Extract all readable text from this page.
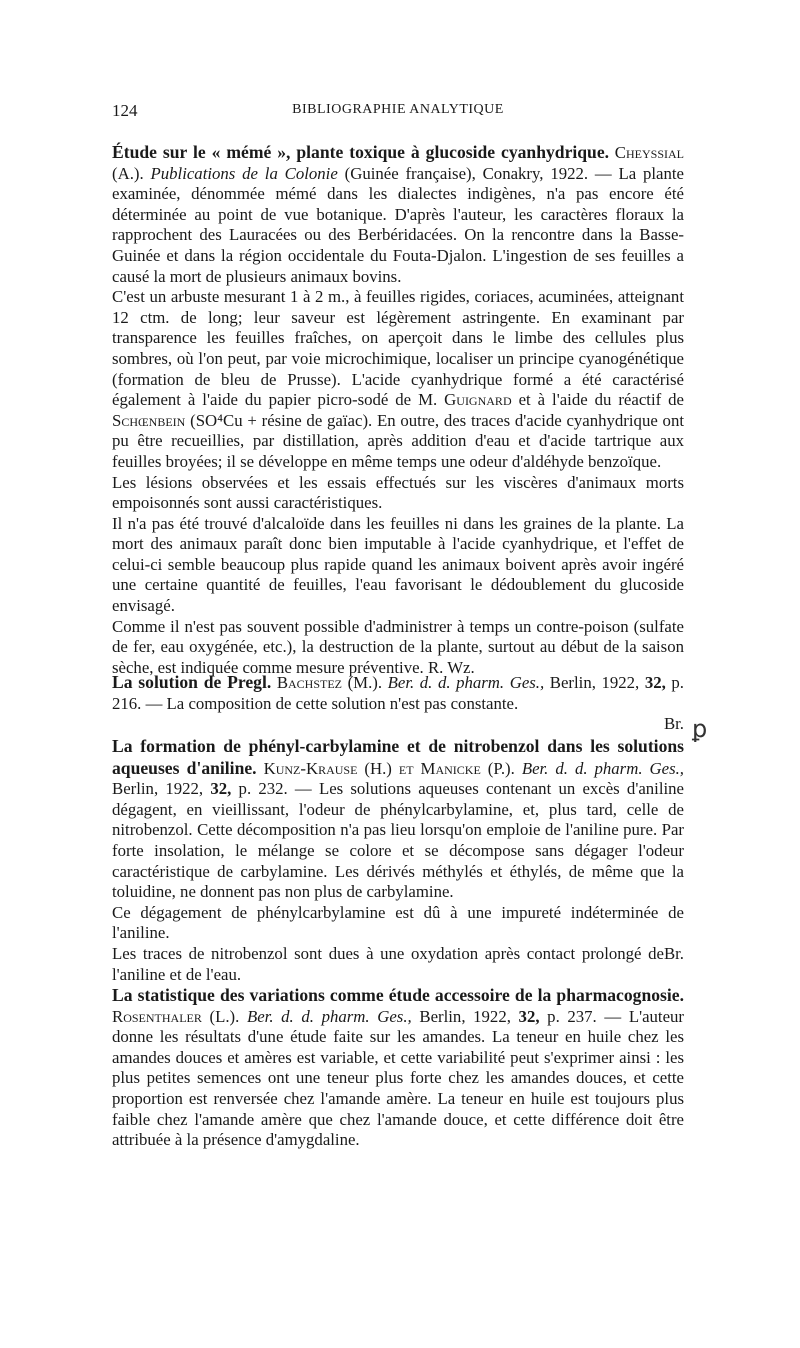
124	BIBLIOGRAPHIE ANALYTIQUE

Étude sur le « mémé », plante toxique à glucoside cyanhydrique. Cheyssial (A.). Publications de la Colonie (Guinée française), Conakry, 1922. — La plante examinée, dénommée mémé dans les dialectes indigènes, n'a pas encore été déterminée au point de vue botanique. D'après l'auteur, les caractères floraux la rapprochent des Lauracées ou des Berbéridacées. On la rencontre dans la Basse-Guinée et dans la région occidentale du Fouta-Djalon. L'ingestion de ses feuilles a causé la mort de plusieurs animaux bovins.

C'est un arbuste mesurant 1 à 2 m., à feuilles rigides, coriaces, acuminées, atteignant 12 ctm. de long; leur saveur est légèrement astringente. En examinant par transparence les feuilles fraîches, on aperçoit dans le limbe des cellules plus sombres, où l'on peut, par voie microchimique, localiser un principe cyanogénétique (formation de bleu de Prusse). L'acide cyanhydrique formé a été caractérisé également à l'aide du papier picro-sodé de M. Guignard et à l'aide du réactif de Schœnbein (SO⁴Cu + résine de gaïac). En outre, des traces d'acide cyanhydrique ont pu être recueillies, par distillation, après addition d'eau et d'acide tartrique aux feuilles broyées; il se développe en même temps une odeur d'aldéhyde benzoïque.

Les lésions observées et les essais effectués sur les viscères d'animaux morts empoisonnés sont aussi caractéristiques.

Il n'a pas été trouvé d'alcaloïde dans les feuilles ni dans les graines de la plante. La mort des animaux paraît donc bien imputable à l'acide cyanhydrique, et l'effet de celui-ci semble beaucoup plus rapide quand les animaux boivent après avoir ingéré une certaine quantité de feuilles, l'eau favorisant le dédoublement du glucoside envisagé.

Comme il n'est pas souvent possible d'administrer à temps un contre-poison (sulfate de fer, eau oxygénée, etc.), la destruction de la plante, surtout au début de la saison sèche, est indiquée comme mesure préventive. R. Wz.

La solution de Pregl. Bachstez (M.). Ber. d. d. pharm. Ges., Berlin, 1922, 32, p. 216. — La composition de cette solution n'est pas constante.

Br.

La formation de phényl-carbylamine et de nitrobenzol dans les solutions aqueuses d'aniline. Kunz-Krause (H.) et Manicke (P.). Ber. d. d. pharm. Ges., Berlin, 1922, 32, p. 232. — Les solutions aqueuses contenant un excès d'aniline dégagent, en vieillissant, l'odeur de phénylcarbylamine, et, plus tard, celle de nitrobenzol. Cette décomposition n'a pas lieu lorsqu'on emploie de l'aniline pure. Par forte insolation, le mélange se colore et se décompose sans dégager l'odeur caractéristique de carbylamine. Les dérivés méthylés et éthylés, de même que la toluidine, ne donnent pas non plus de carbylamine.

Ce dégagement de phénylcarbylamine est dû à une impureté indéterminée de l'aniline.

Br.
Les traces de nitrobenzol sont dues à une oxydation après contact prolongé de l'aniline et de l'eau.

ꝑ

La statistique des variations comme étude accessoire de la pharmacognosie. Rosenthaler (L.). Ber. d. d. pharm. Ges., Berlin, 1922, 32, p. 237. — L'auteur donne les résultats d'une étude faite sur les amandes. La teneur en huile chez les amandes douces et amères est variable, et cette variabilité peut s'exprimer ainsi : les plus petites semences ont une teneur plus forte chez les amandes douces, et cette proportion est renversée chez l'amande amère. La teneur en huile est toujours plus faible chez l'amande amère que chez l'amande douce, et cette différence doit être attribuée à la présence d'amygdaline.
